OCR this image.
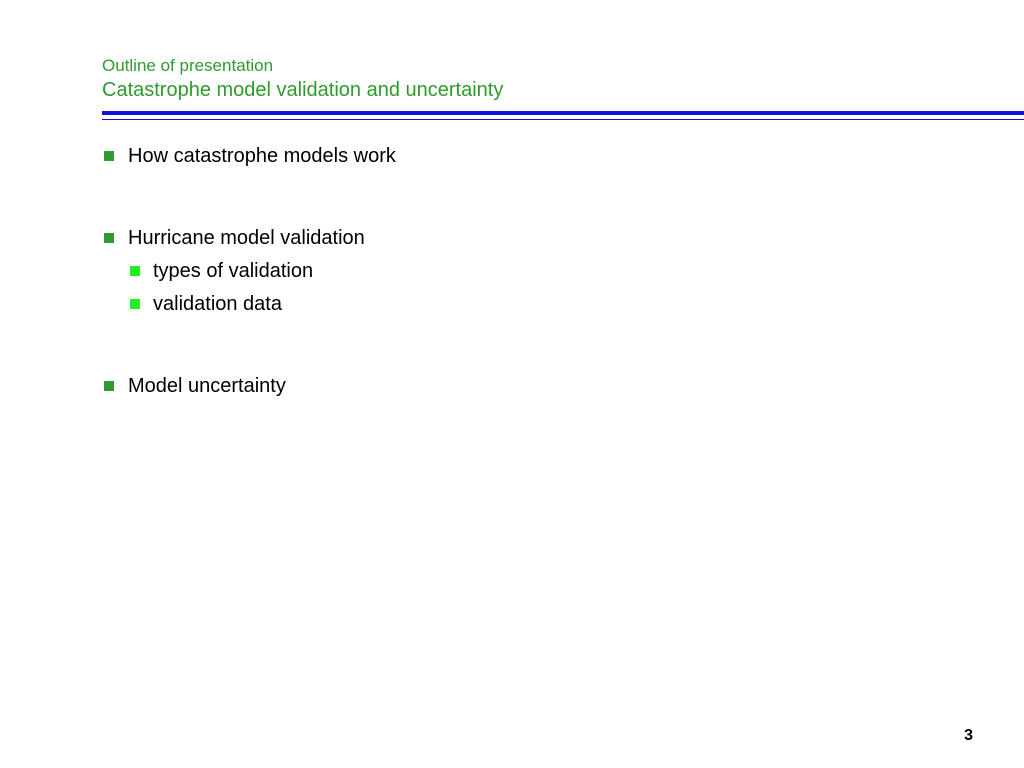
Outline of presentation
Catastrophe model validation and uncertainty
How catastrophe models work
Hurricane model validation
types of validation
validation data
Model uncertainty
3
